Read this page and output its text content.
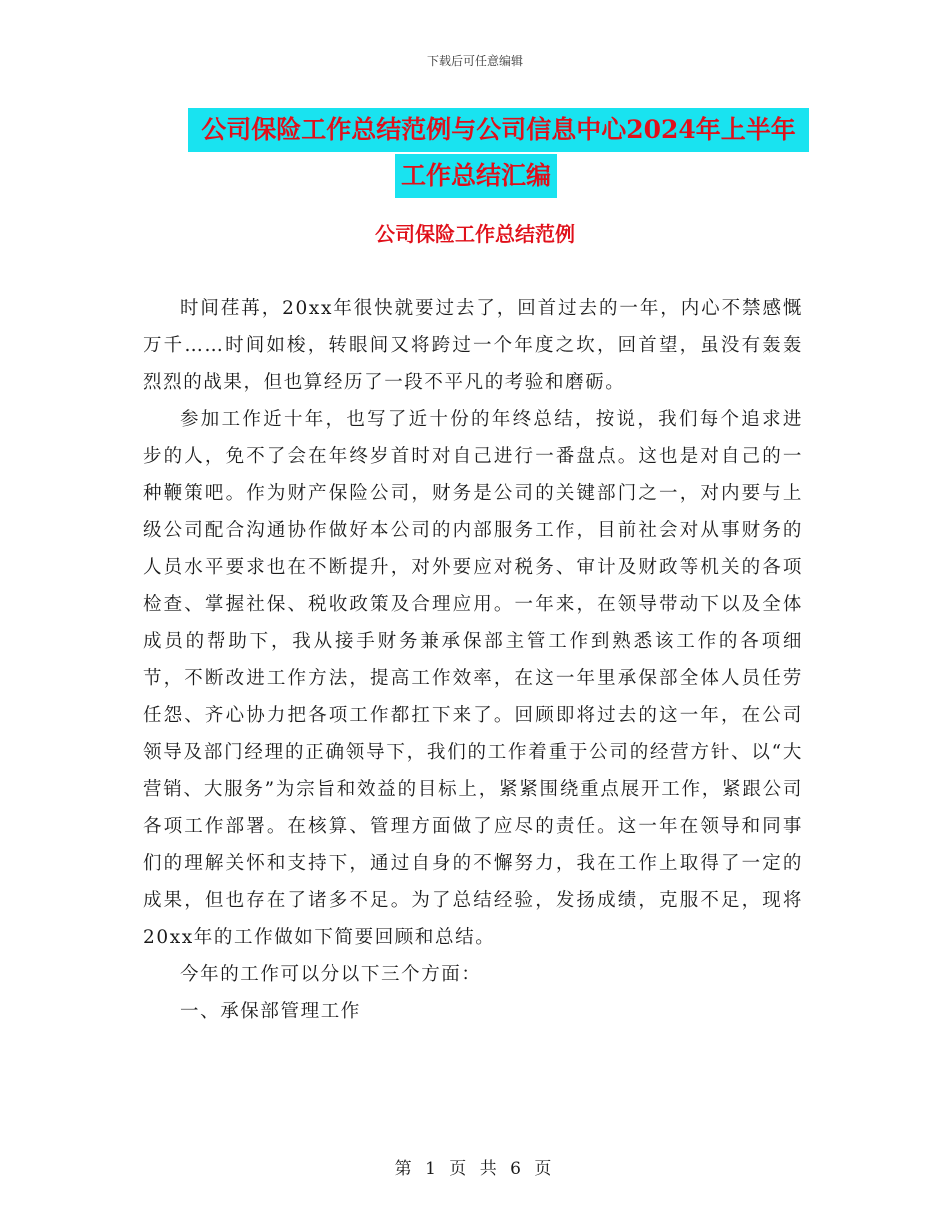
下载后可任意编辑
公司保险工作总结范例与公司信息中心2024年上半年
工作总结汇编
公司保险工作总结范例

时间荏苒，20xx年很快就要过去了，回首过去的一年，内心不禁感慨万千……时间如梭，转眼间又将跨过一个年度之坎，回首望，虽没有轰轰烈烈的战果，但也算经历了一段不平凡的考验和磨砺。

参加工作近十年，也写了近十份的年终总结，按说，我们每个追求进步的人，免不了会在年终岁首时对自己进行一番盘点。这也是对自己的一种鞭策吧。作为财产保险公司，财务是公司的关键部门之一，对内要与上级公司配合沟通协作做好本公司的内部服务工作，目前社会对从事财务的人员水平要求也在不断提升，对外要应对税务、审计及财政等机关的各项检查、掌握社保、税收政策及合理应用。一年来，在领导带动下以及全体成员的帮助下，我从接手财务兼承保部主管工作到熟悉该工作的各项细节，不断改进工作方法，提高工作效率，在这一年里承保部全体人员任劳任怨、齐心协力把各项工作都扛下来了。回顾即将过去的这一年，在公司领导及部门经理的正确领导下，我们的工作着重于公司的经营方针、以“大营销、大服务”为宗旨和效益的目标上，紧紧围绕重点展开工作，紧跟公司各项工作部署。在核算、管理方面做了应尽的责任。这一年在领导和同事们的理解关怀和支持下，通过自身的不懈努力，我在工作上取得了一定的成果，但也存在了诸多不足。为了总结经验，发扬成绩，克服不足，现将20xx年的工作做如下简要回顾和总结。

今年的工作可以分以下三个方面：

一、承保部管理工作

第 1 页 共 6 页
